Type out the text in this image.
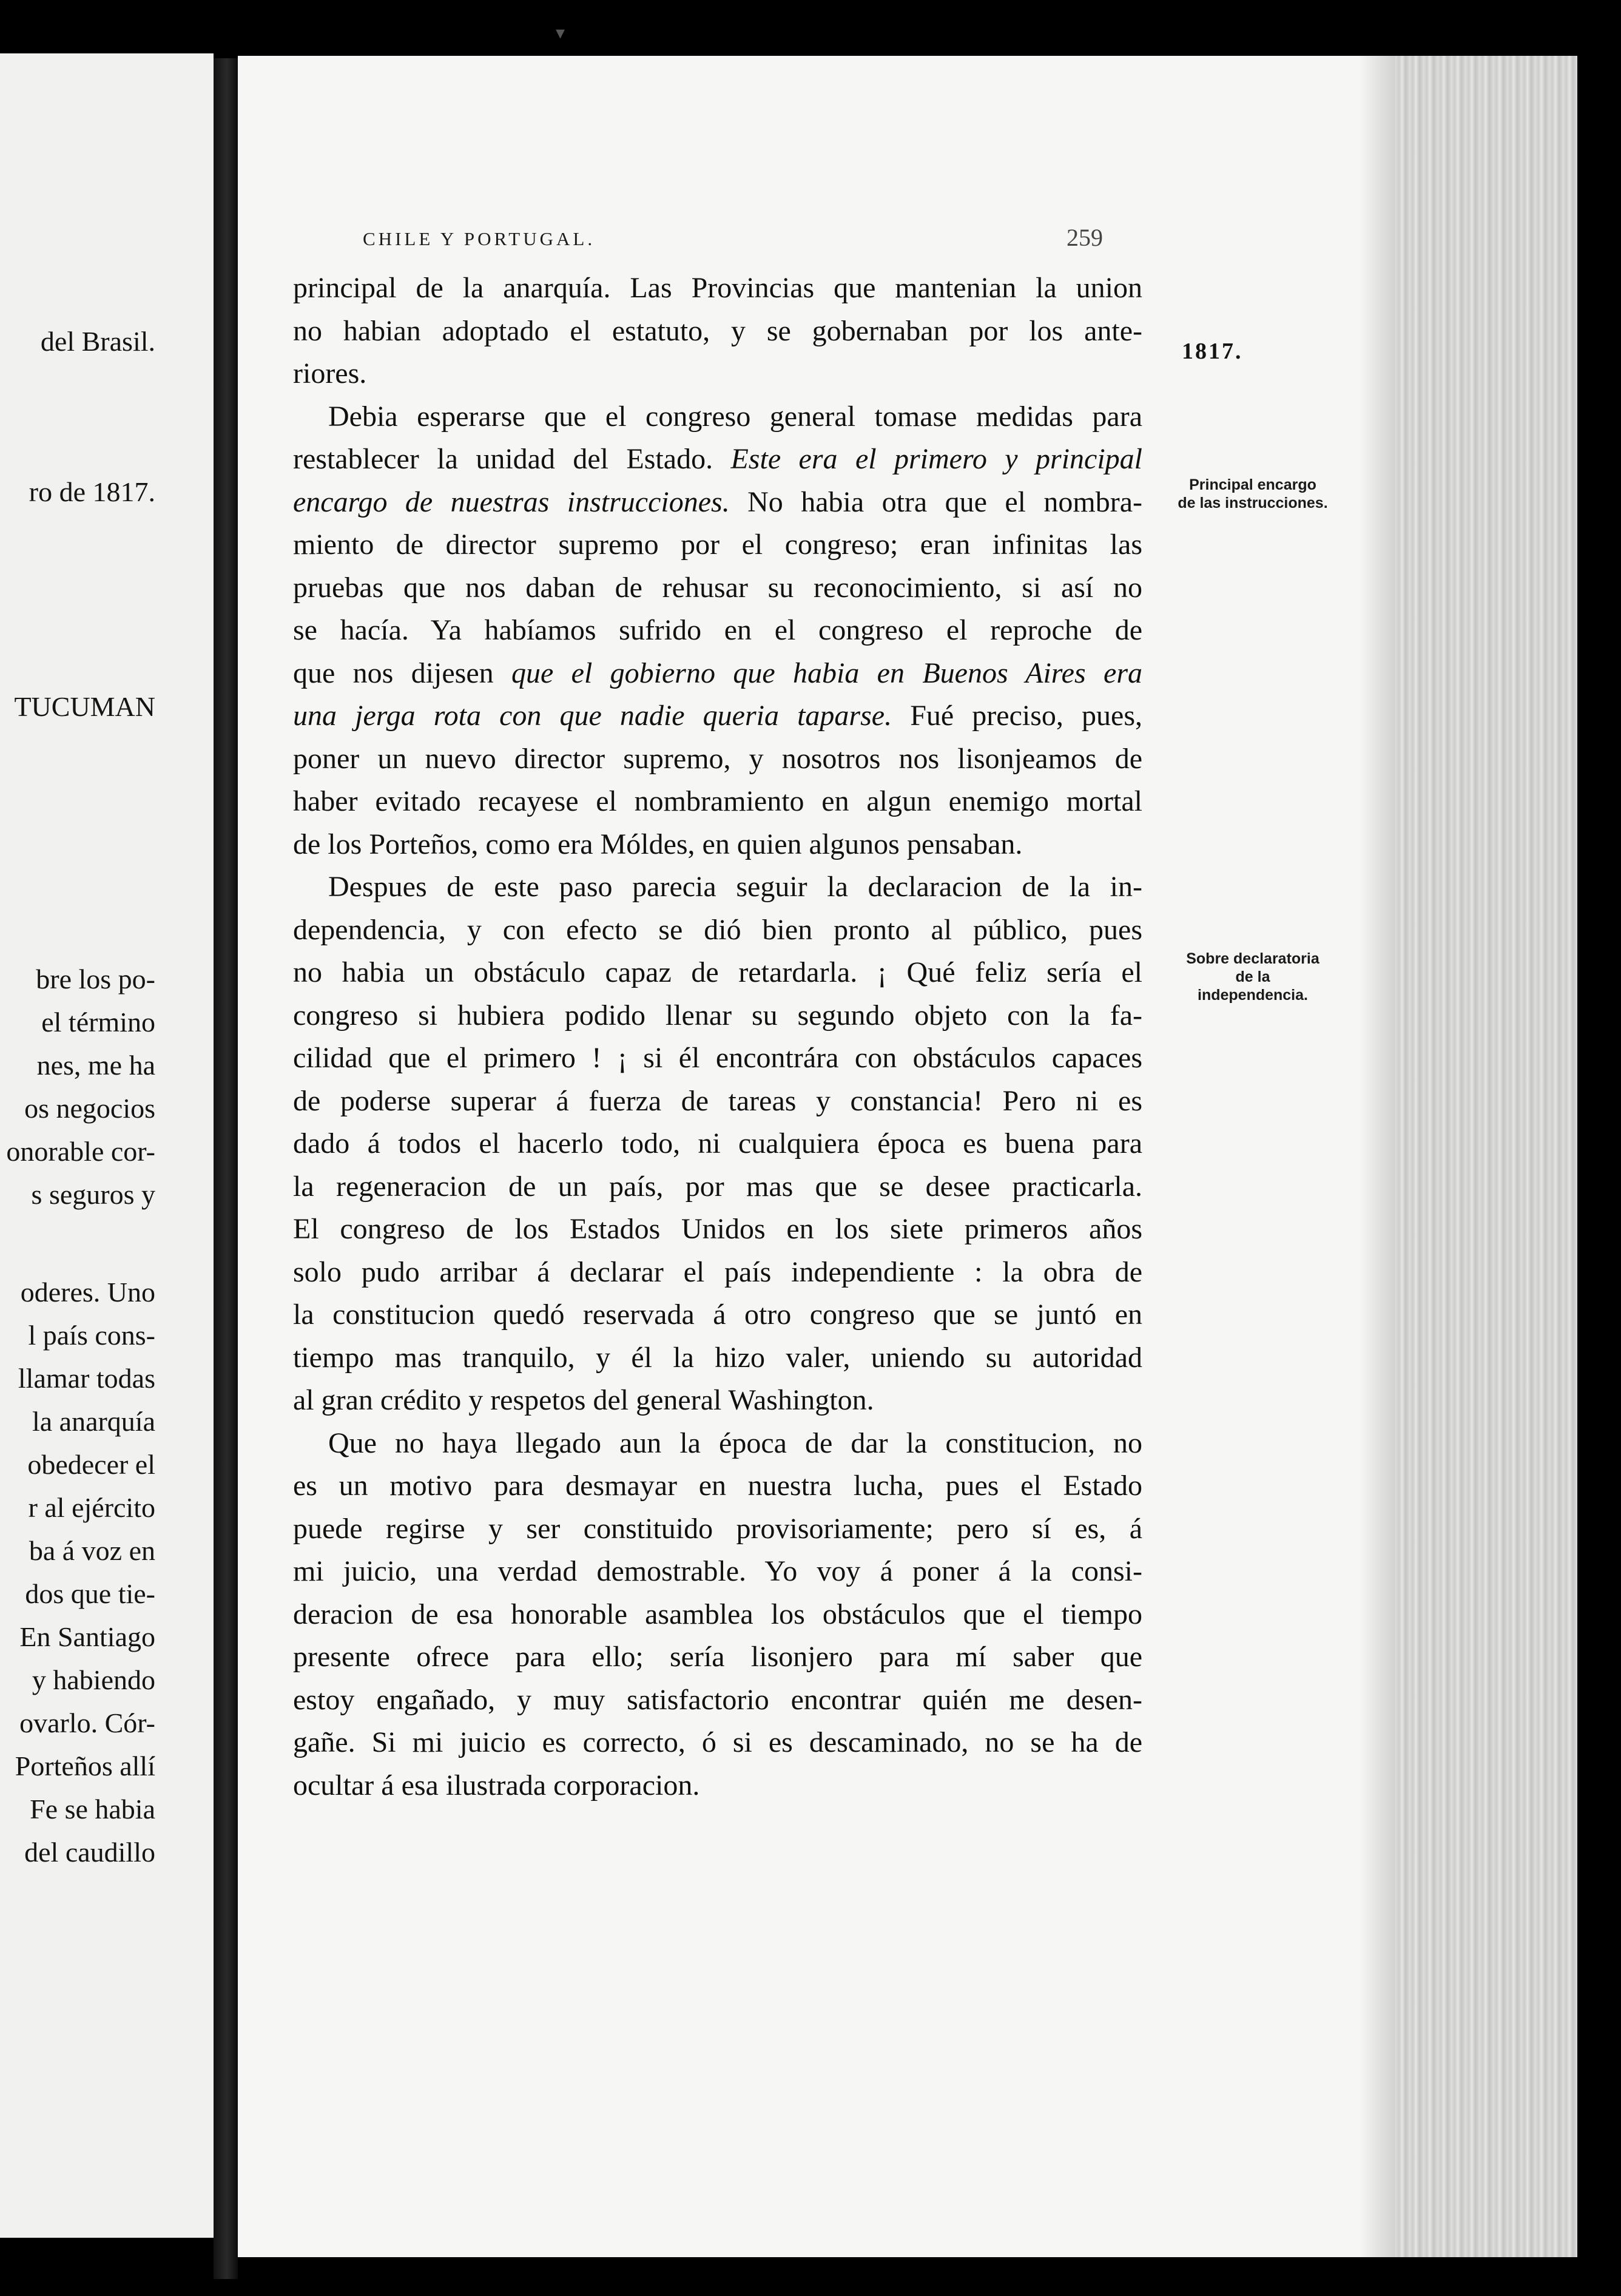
▾
del Brasil.
ro de 1817.
TUCUMAN
bre los po-
el término
nes, me ha
os negocios
onorable cor-
s seguros y
oderes. Uno
l país cons-
llamar todas
la anarquía
obedecer el
r al ejército
ba á voz en
dos que tie-
En Santiago
y habiendo
ovarlo. Cór-
Porteños allí
Fe se habia
del caudillo
CHILE Y PORTUGAL.	259
1817.
Principal encargo
de las instrucciones.
Sobre declaratoria
de la
independencia.
principal de la anarquía. Las Provincias que mantenian la union
no habian adoptado el estatuto, y se gobernaban por los ante-
riores.
Debia esperarse que el congreso general tomase medidas para
restablecer la unidad del Estado. Este era el primero y principal
encargo de nuestras instrucciones. No habia otra que el nombra-
miento de director supremo por el congreso; eran infinitas las
pruebas que nos daban de rehusar su reconocimiento, si así no
se hacía. Ya habíamos sufrido en el congreso el reproche de
que nos dijesen que el gobierno que habia en Buenos Aires era
una jerga rota con que nadie queria taparse. Fué preciso, pues,
poner un nuevo director supremo, y nosotros nos lisonjeamos de
haber evitado recayese el nombramiento en algun enemigo mortal
de los Porteños, como era Móldes, en quien algunos pensaban.
Despues de este paso parecia seguir la declaracion de la in-
dependencia, y con efecto se dió bien pronto al público, pues
no habia un obstáculo capaz de retardarla. ¡ Qué feliz sería el
congreso si hubiera podido llenar su segundo objeto con la fa-
cilidad que el primero ! ¡ si él encontrára con obstáculos capaces
de poderse superar á fuerza de tareas y constancia! Pero ni es
dado á todos el hacerlo todo, ni cualquiera época es buena para
la regeneracion de un país, por mas que se desee practicarla.
El congreso de los Estados Unidos en los siete primeros años
solo pudo arribar á declarar el país independiente : la obra de
la constitucion quedó reservada á otro congreso que se juntó en
tiempo mas tranquilo, y él la hizo valer, uniendo su autoridad
al gran crédito y respetos del general Washington.
Que no haya llegado aun la época de dar la constitucion, no
es un motivo para desmayar en nuestra lucha, pues el Estado
puede regirse y ser constituido provisoriamente; pero sí es, á
mi juicio, una verdad demostrable. Yo voy á poner á la consi-
deracion de esa honorable asamblea los obstáculos que el tiempo
presente ofrece para ello; sería lisonjero para mí saber que
estoy engañado, y muy satisfactorio encontrar quién me desen-
gañe. Si mi juicio es correcto, ó si es descaminado, no se ha de
ocultar á esa ilustrada corporacion.
